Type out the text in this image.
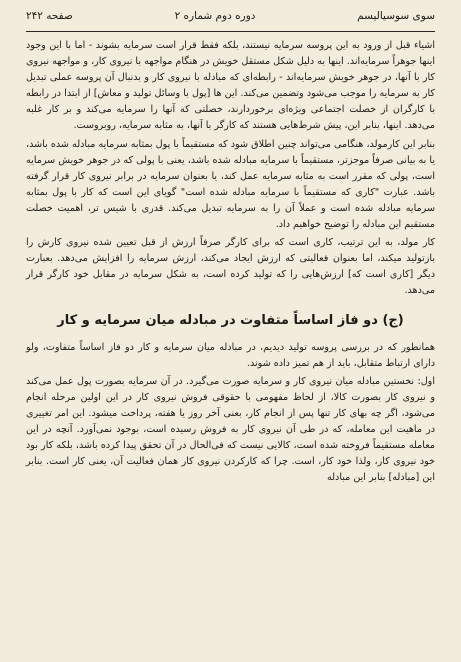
سوی سوسیالیسم
دوره دوم شماره ۲
صفحه ۲۴۲

اشیاء قبل از ورود به این پروسه سرمایه نیستند، بلکه فقط قرار است سرمایه بشوند - اما با این وجود اینها جوهراً سرمایه‌اند. اینها به دلیل شکل مستقل خویش در هنگام مواجهه با نیروی کار، و مواجهه نیروی کار با آنها، در جوهر خویش سرمایه‌اند - رابطه‌ای که مبادله با نیروی کار و بدنبال آن پروسه عملی تبدیل کار به سرمایه را موجب می‌شود وتضمین می‌کند. این ها [پول با وسائل تولید و معاش] از ابتدا در رابطه با کارگران از خصلت اجتماعی ویژه‌ای برخوردارند، خصلتی که آنها را سرمایه می‌کند و بر کار غلبه می‌دهد. اینها، بنابر این، پیش شرط‌هایی هستند که کارگر با آنها، به مثابه سرمایه، روبروست.

بنابر این کارمولد، هنگامی می‌تواند چنین اطلاق شود که مستقیماً با پول بمثابه سرمایه مبادله شده باشد، یا به بیانی صرفاً موجزتر، مستقیماً با سرمایه مبادله شده باشد، یعنی با پولی که در جوهر خویش سرمایه است، پولی که مقرر است به مثابه سرمایه عمل کند، یا بعنوان سرمایه در برابر نیروی کار قرار گرفته باشد. عبارت "کاری که مستقیماً با سرمایه مبادله شده است" گویای این است که کار با پول بمثابه سرمایه مبادله شده است و عملاً آن را به سرمایه تبدیل می‌کند. قدری با شیس تر، اهمیت خصلت مستقیم این مبادله را توضیح خواهیم داد.

کار مولد، به این ترتیب، کاری است که برای کارگر صرفاً ارزش از قبل تعیین شده نیروی کارش را بازتولید میکند، اما بعنوان فعالیتی که ارزش ایجاد می‌کند، ارزش سرمایه را افزایش می‌دهد. بعبارت دیگر [کاری است که] ارزش‌هایی را که تولید کرده است، به شکل سرمایه در مقابل خود کارگر قرار می‌دهد.

(ج) دو فاز اساساً متفاوت در مبادله میان سرمایه و کار

همانطور که در بررسی پروسه تولید دیدیم، در مبادله میان سرمایه و کار دو فاز اساساً متفاوت، ولو دارای ارتباط متقابل، باید از هم تمیز داده شوند.

اول: نخستین مبادله میان نیروی کار و سرمایه صورت می‌گیرد. در آن سرمایه بصورت پول عمل می‌کند و نیروی کار بصورت کالا، از لحاظ مفهومی با حقوقی فروش نیروی کار در این اولین مرحله انجام می‌شود، اگر چه بهای کار تنها پس از انجام کار، بعنی آخر روز یا هفته، پرداخت میشود. این امر تغییری در ماهیت این معامله، که در طی آن نیروی کار به فروش رسیده است، بوجود نمی‌آورد. آنچه در این معامله مستقیماً فروخته شده است، کالایی نیست که فی‌الحال در آن تحقق پیدا کرده باشد، بلکه کار بود خود نیروی کار، ولذا خود کار، است. چرا که کارکردن نیروی کار همان فعالیت آن، یعنی کار است. بنابر این [مبادله] بنابر این مبادله
